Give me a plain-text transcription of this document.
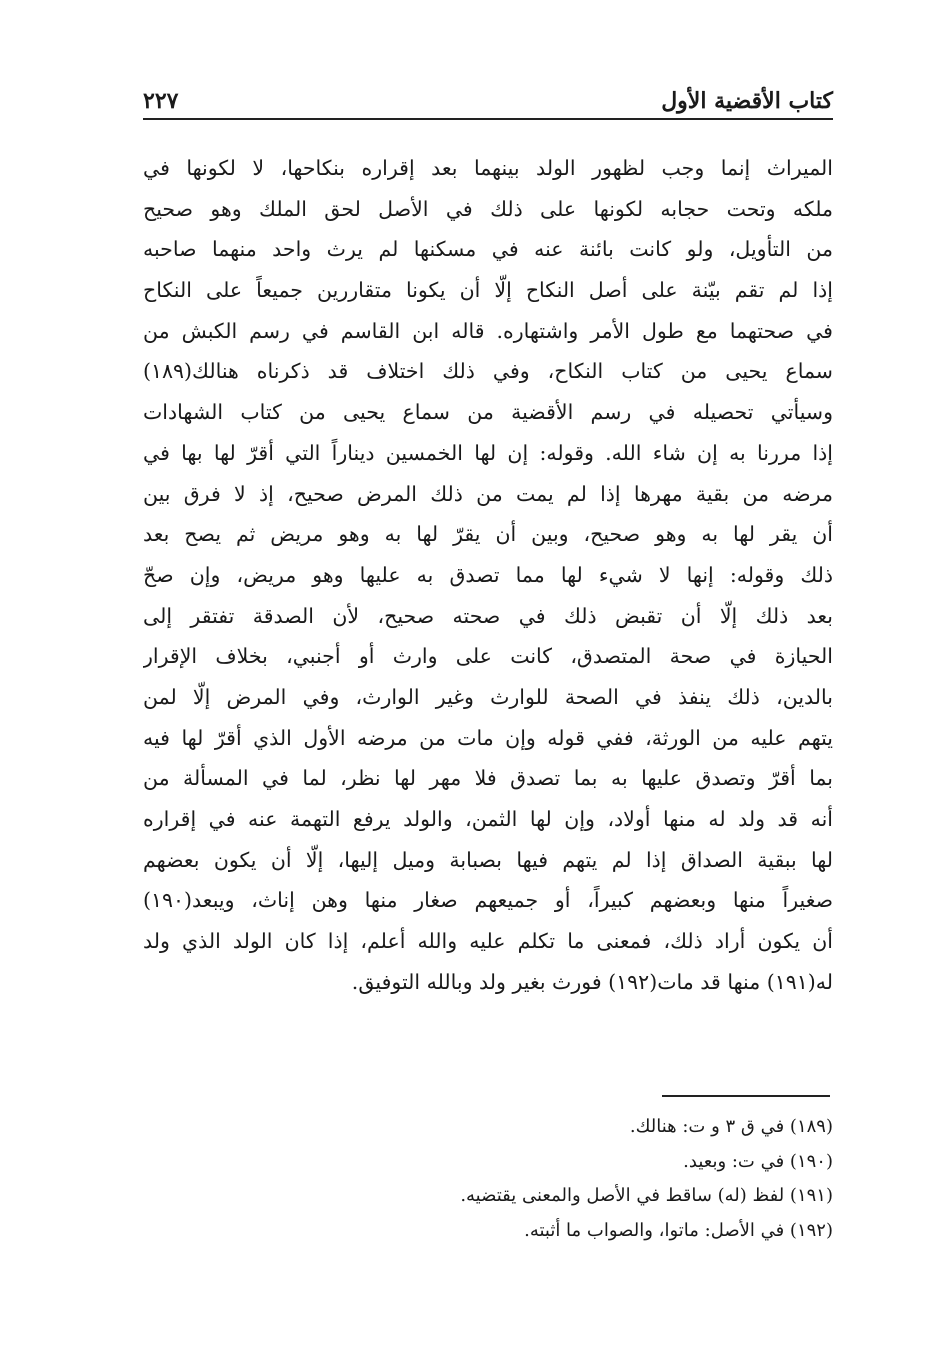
كتاب الأقضية الأول
٢٢٧
الميراث إنما وجب لظهور الولد بينهما بعد إقراره بنكاحها، لا لكونها في
ملكه وتحت حجابه لكونها على ذلك في الأصل لحق الملك وهو صحيح
من التأويل، ولو كانت بائنة عنه في مسكنها لم يرث واحد منهما صاحبه
إذا لم تقم بيّنة على أصل النكاح إلّا أن يكونا متقاررين جميعاً على النكاح
في صحتهما مع طول الأمر واشتهاره. قاله ابن القاسم في رسم الكبش من
سماع يحيى من كتاب النكاح، وفي ذلك اختلاف قد ذكرناه هنالك(١٨٩)
وسيأتي تحصيله في رسم الأقضية من سماع يحيى من كتاب الشهادات
إذا مررنا به إن شاء الله. وقوله: إن لها الخمسين ديناراً التي أقرّ لها بها في
مرضه من بقية مهرها إذا لم يمت من ذلك المرض صحيح، إذ لا فرق بين
أن يقر لها به وهو صحيح، وبين أن يقرّ لها به وهو مريض ثم يصح بعد
ذلك وقوله: إنها لا شيء لها مما تصدق به عليها وهو مريض، وإن صحّ
بعد ذلك إلّا أن تقبض ذلك في صحته صحيح، لأن الصدقة تفتقر إلى
الحيازة في صحة المتصدق، كانت على وارث أو أجنبي، بخلاف الإقرار
بالدين، ذلك ينفذ في الصحة للوارث وغير الوارث، وفي المرض إلّا لمن
يتهم عليه من الورثة، ففي قوله وإن مات من مرضه الأول الذي أقرّ لها فيه
بما أقرّ وتصدق عليها به بما تصدق فلا مهر لها نظر، لما في المسألة من
أنه قد ولد له منها أولاد، وإن لها الثمن، والولد يرفع التهمة عنه في إقراره
لها ببقية الصداق إذا لم يتهم فيها بصبابة وميل إليها، إلّا أن يكون بعضهم
صغيراً منها وبعضهم كبيراً، أو جميعهم صغار منها وهن إناث، ويبعد(١٩٠)
أن يكون أراد ذلك، فمعنى ما تكلم عليه والله أعلم، إذا كان الولد الذي ولد
له(١٩١) منها قد مات(١٩٢) فورث بغير ولد وبالله التوفيق.
(١٨٩) في ق ٣ و ت: هنالك.
(١٩٠) في ت: وبعيد.
(١٩١) لفظ (له) ساقط في الأصل والمعنى يقتضيه.
(١٩٢) في الأصل: ماتوا، والصواب ما أثبته.
